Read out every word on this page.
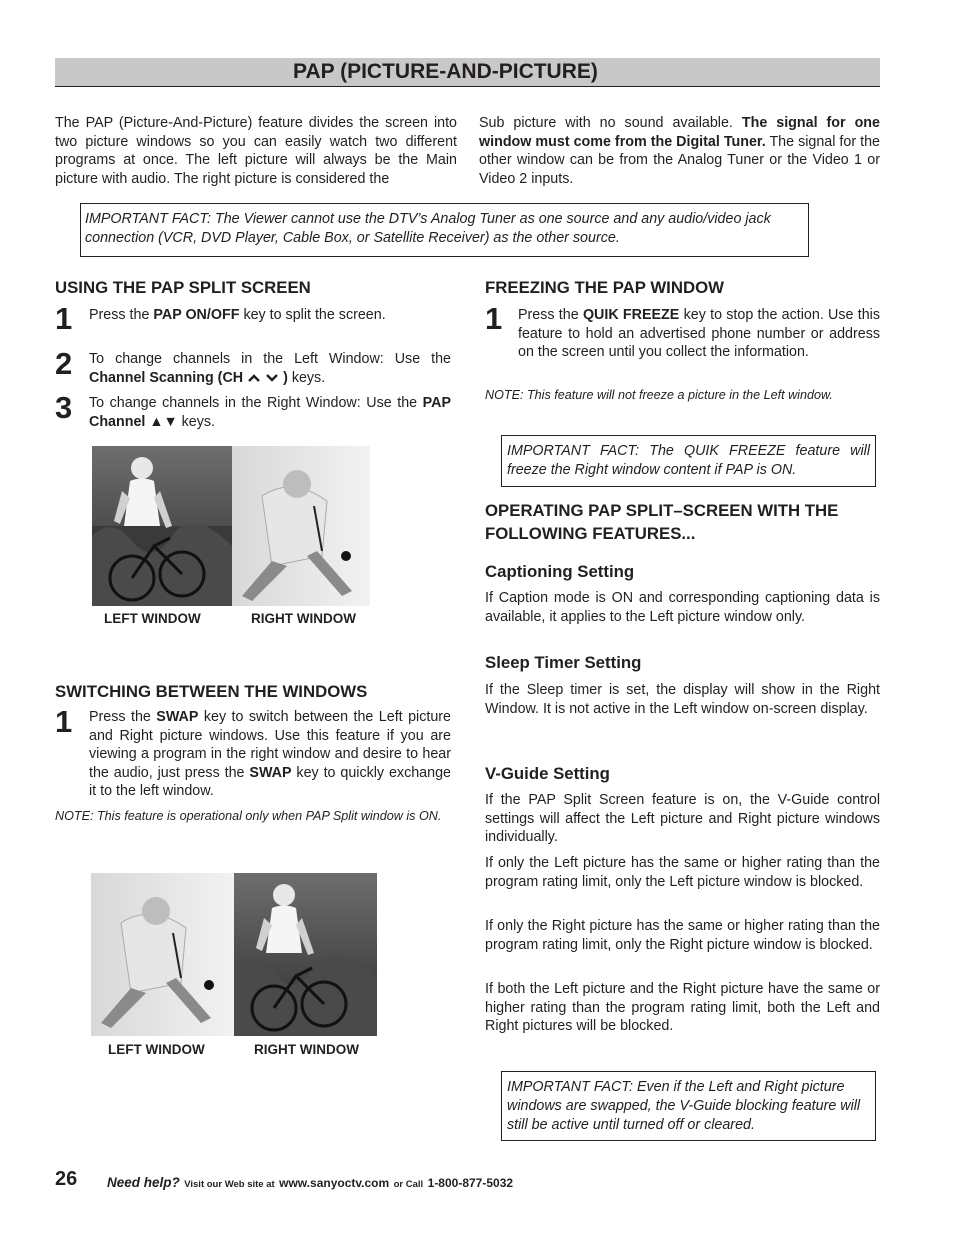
PAP (PICTURE-AND-PICTURE)
The PAP (Picture-And-Picture) feature divides the screen into two picture windows so you can easily watch two different programs at once. The left picture will always be the Main picture with audio. The right picture is considered the
Sub picture with no sound available. The signal for one window must come from the Digital Tuner. The signal for the other window can be from the Analog Tuner or the Video 1 or Video 2 inputs.
IMPORTANT FACT: The Viewer cannot use the DTV’s Analog Tuner as one source and any audio/video jack connection (VCR, DVD Player, Cable Box, or Satellite Receiver) as the other source.
USING THE PAP SPLIT SCREEN
1 Press the PAP ON/OFF key to split the screen.
2 To change channels in the Left Window: Use the Channel Scanning (CH	) keys.
3 To change channels in the Right Window: Use the PAP Channel ▲▼ keys.
LEFT WINDOW	RIGHT WINDOW
SWITCHING BETWEEN THE WINDOWS
1 Press the SWAP key to switch between the Left picture and Right picture windows. Use this feature if you are viewing a program in the right window and desire to hear the audio, just press the SWAP key to quickly exchange it to the left window.
NOTE: This feature is operational only when PAP Split window is ON.
LEFT WINDOW	RIGHT WINDOW
FREEZING THE PAP WINDOW
1 Press the QUIK FREEZE key to stop the action. Use this feature to hold an advertised phone number or address on the screen until you collect the information.
NOTE: This feature will not freeze a picture in the Left window.
IMPORTANT FACT: The QUIK FREEZE feature will freeze the Right window content if PAP is ON.
OPERATING PAP SPLIT–SCREEN WITH THE FOLLOWING FEATURES...
Captioning Setting
If Caption mode is ON and corresponding captioning data is available, it applies to the Left picture window only.
Sleep Timer Setting
If the Sleep timer is set, the display will show in the Right Window. It is not active in the Left window on-screen display.
V-Guide Setting
If the PAP Split Screen feature is on, the V-Guide control settings will affect the Left picture and Right picture windows individually.
If only the Left picture has the same or higher rating than the program rating limit, only the Left picture window is blocked.
If only the Right picture has the same or higher rating than the program rating limit, only the Right picture window is blocked.
If both the Left picture and the Right picture have the same or higher rating than the program rating limit, both the Left and Right pictures will be blocked.
IMPORTANT FACT: Even if the Left and Right picture windows are swapped, the V-Guide blocking feature will still be active until turned off or cleared.
26 Need help? Visit our Web site at www.sanyoctv.com or Call 1-800-877-5032
